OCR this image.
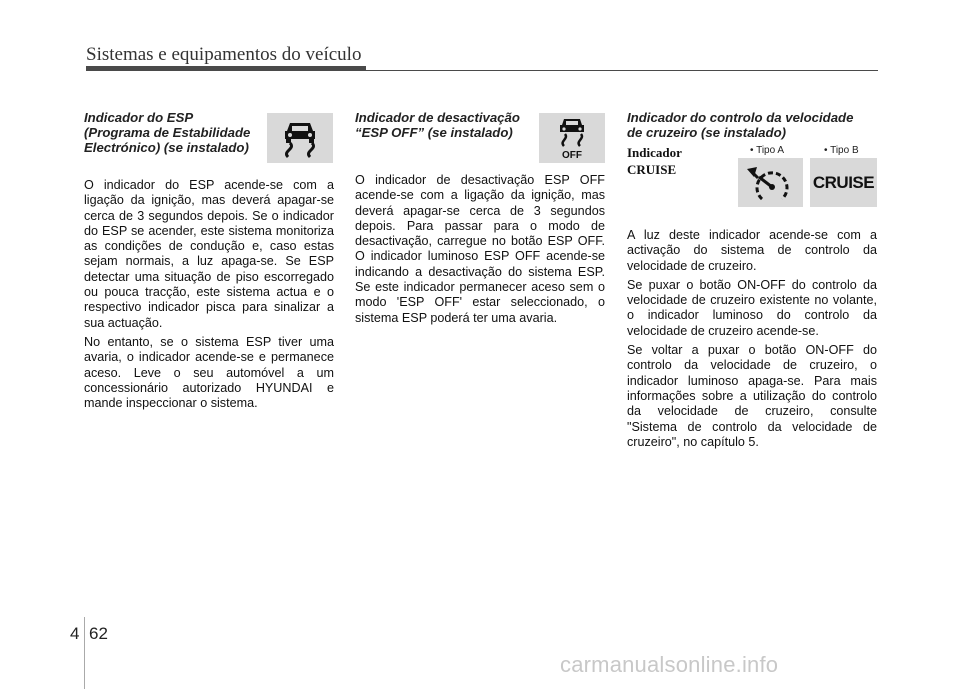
Sistemas e equipamentos do veículo
Indicador do ESP
(Programa de Estabilidade
Electrónico) (se instalado)

O indicador do ESP acende-se com a ligação da ignição, mas deverá apagar-se cerca de 3 segundos depois. Se o indicador do ESP se acender, este sistema monitoriza as condições de condução e, caso estas sejam normais, a luz apaga-se. Se ESP detectar uma situação de piso escorregado ou pouca tracção, este sistema actua e o respectivo indicador pisca para sinalizar a sua actuação.

No entanto, se o sistema ESP tiver uma avaria, o indicador acende-se e permanece aceso. Leve o seu automóvel a um concessionário autorizado HYUNDAI e mande inspeccionar o sistema.

Indicador de desactivação
“ESP OFF” (se instalado)

O indicador de desactivação ESP OFF acende-se com a ligação da ignição, mas deverá apagar-se cerca de 3 segundos depois. Para passar para o modo de desactivação, carregue no botão ESP OFF. O indicador luminoso ESP OFF acende-se indicando a desactivação do sistema ESP. Se este indicador permanecer aceso sem o modo 'ESP OFF' estar seleccionado, o sistema ESP poderá ter uma avaria.

OFF
Indicador do controlo da velocidade
de cruzeiro (se instalado)
Indicador
CRUISE
• Tipo A	• Tipo B
CRUISE

A luz deste indicador acende-se com a activação do sistema de controlo da velocidade de cruzeiro.

Se puxar o botão ON-OFF do controlo da velocidade de cruzeiro existente no volante, o indicador luminoso do controlo da velocidade de cruzeiro acende-se.

Se voltar a puxar o botão ON-OFF do controlo da velocidade de cruzeiro, o indicador luminoso apaga-se. Para mais informações sobre a utilização do controlo da velocidade de cruzeiro, consulte "Sistema de controlo da velocidade de cruzeiro", no capítulo 5.

4 62
carmanualsonline.info
